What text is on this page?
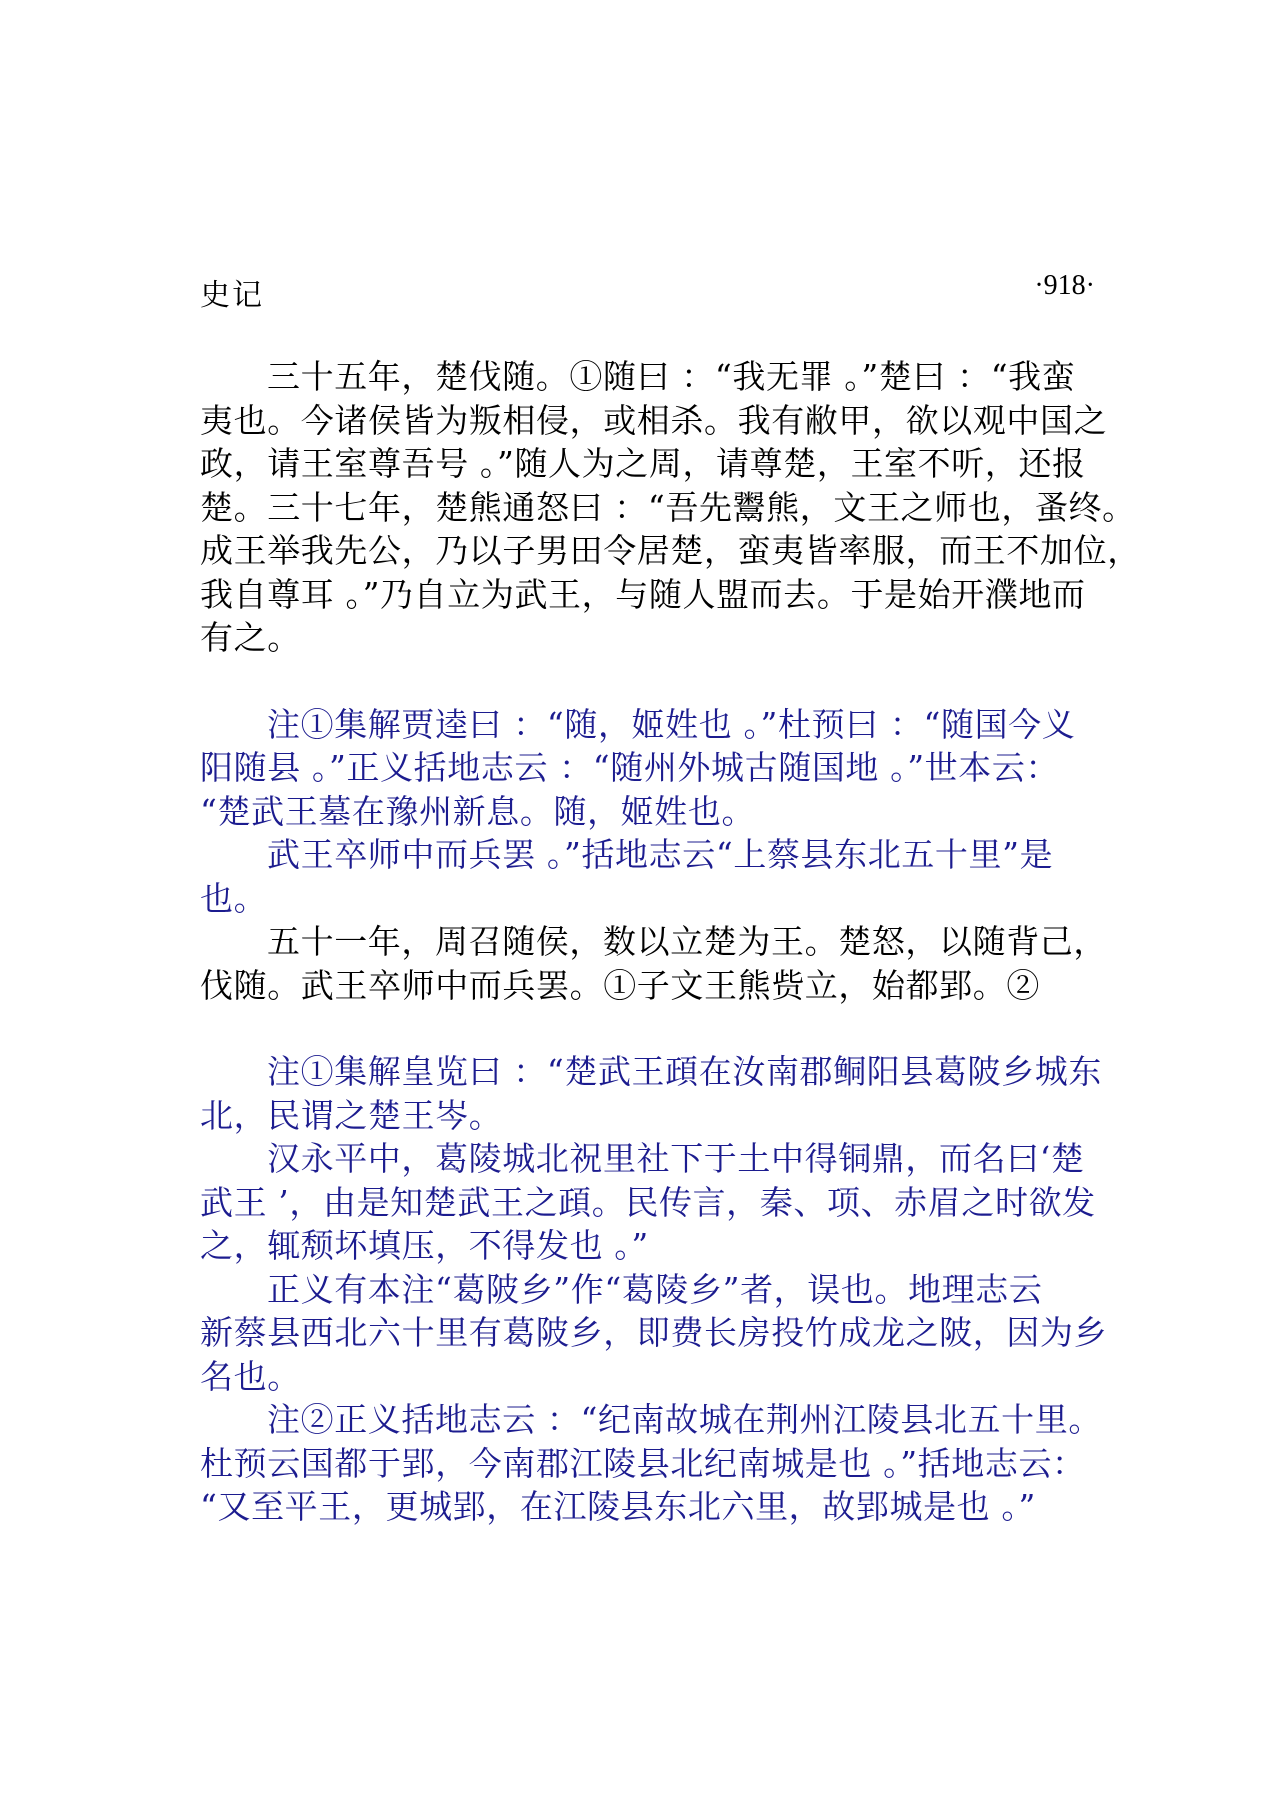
史记	·918·
三十五年，楚伐随。①随曰 ：“我无罪 。”楚曰 ：“我蛮
夷也。今诸侯皆为叛相侵，或相杀。我有敝甲，欲以观中国之
政，请王室尊吾号 。”随人为之周，请尊楚，王室不听，还报
楚。三十七年，楚熊通怒曰 ：“吾先鬻熊，文王之师也，蚤终。
成王举我先公，乃以子男田令居楚，蛮夷皆率服，而王不加位，
我自尊耳 。”乃自立为武王，与随人盟而去。于是始开濮地而
有之。
注①集解贾逵曰 ：“随，姬姓也 。”杜预曰 ：“随国今义
阳随县 。”正义括地志云 ：“随州外城古随国地 。”世本云：
“楚武王墓在豫州新息。随，姬姓也。
武王卒师中而兵罢 。”括地志云“上蔡县东北五十里”是
也。
五十一年，周召随侯，数以立楚为王。楚怒，以随背己，
伐随。武王卒师中而兵罢。①子文王熊赀立，始都郢。②
注①集解皇览曰 ：“楚武王頙在汝南郡鲖阳县葛陂乡城东
北，民谓之楚王岑。
汉永平中，葛陵城北祝里社下于土中得铜鼎，而名曰‘楚
武王 ’，由是知楚武王之頙。民传言，秦、项、赤眉之时欲发
之，辄颓坏填压，不得发也 。”
正义有本注“葛陂乡”作“葛陵乡”者，误也。地理志云
新蔡县西北六十里有葛陂乡，即费长房投竹成龙之陂，因为乡
名也。
注②正义括地志云 ：“纪南故城在荆州江陵县北五十里。
杜预云国都于郢，今南郡江陵县北纪南城是也 。”括地志云：
“又至平王，更城郢，在江陵县东北六里，故郢城是也 。”
